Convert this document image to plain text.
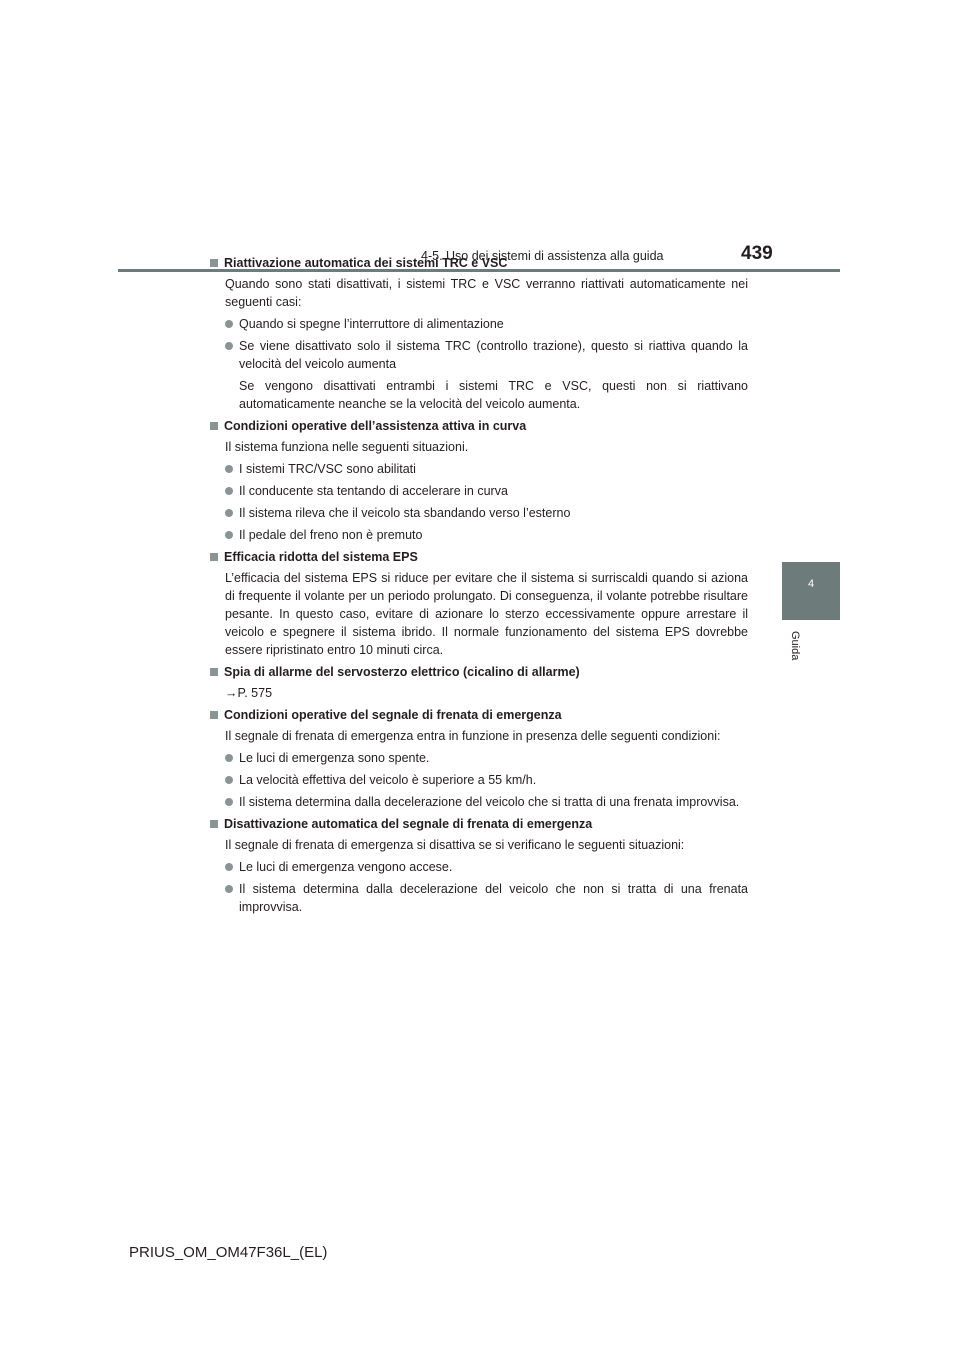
4-5. Uso dei sistemi di assistenza alla guida	439
4
Guida
Riattivazione automatica dei sistemi TRC e VSC
Quando sono stati disattivati, i sistemi TRC e VSC verranno riattivati automaticamente nei seguenti casi:
Quando si spegne l’interruttore di alimentazione
Se viene disattivato solo il sistema TRC (controllo trazione), questo si riattiva quando la velocità del veicolo aumenta
Se vengono disattivati entrambi i sistemi TRC e VSC, questi non si riattivano automaticamente neanche se la velocità del veicolo aumenta.
Condizioni operative dell’assistenza attiva in curva
Il sistema funziona nelle seguenti situazioni.
I sistemi TRC/VSC sono abilitati
Il conducente sta tentando di accelerare in curva
Il sistema rileva che il veicolo sta sbandando verso l’esterno
Il pedale del freno non è premuto
Efficacia ridotta del sistema EPS
L’efficacia del sistema EPS si riduce per evitare che il sistema si surriscaldi quando si aziona di frequente il volante per un periodo prolungato. Di conseguenza, il volante potrebbe risultare pesante. In questo caso, evitare di azionare lo sterzo eccessivamente oppure arrestare il veicolo e spegnere il sistema ibrido. Il normale funzionamento del sistema EPS dovrebbe essere ripristinato entro 10 minuti circa.
Spia di allarme del servosterzo elettrico (cicalino di allarme)
→P. 575
Condizioni operative del segnale di frenata di emergenza
Il segnale di frenata di emergenza entra in funzione in presenza delle seguenti condizioni:
Le luci di emergenza sono spente.
La velocità effettiva del veicolo è superiore a 55 km/h.
Il sistema determina dalla decelerazione del veicolo che si tratta di una frenata improvvisa.
Disattivazione automatica del segnale di frenata di emergenza
Il segnale di frenata di emergenza si disattiva se si verificano le seguenti situazioni:
Le luci di emergenza vengono accese.
Il sistema determina dalla decelerazione del veicolo che non si tratta di una frenata improvvisa.
PRIUS_OM_OM47F36L_(EL)
